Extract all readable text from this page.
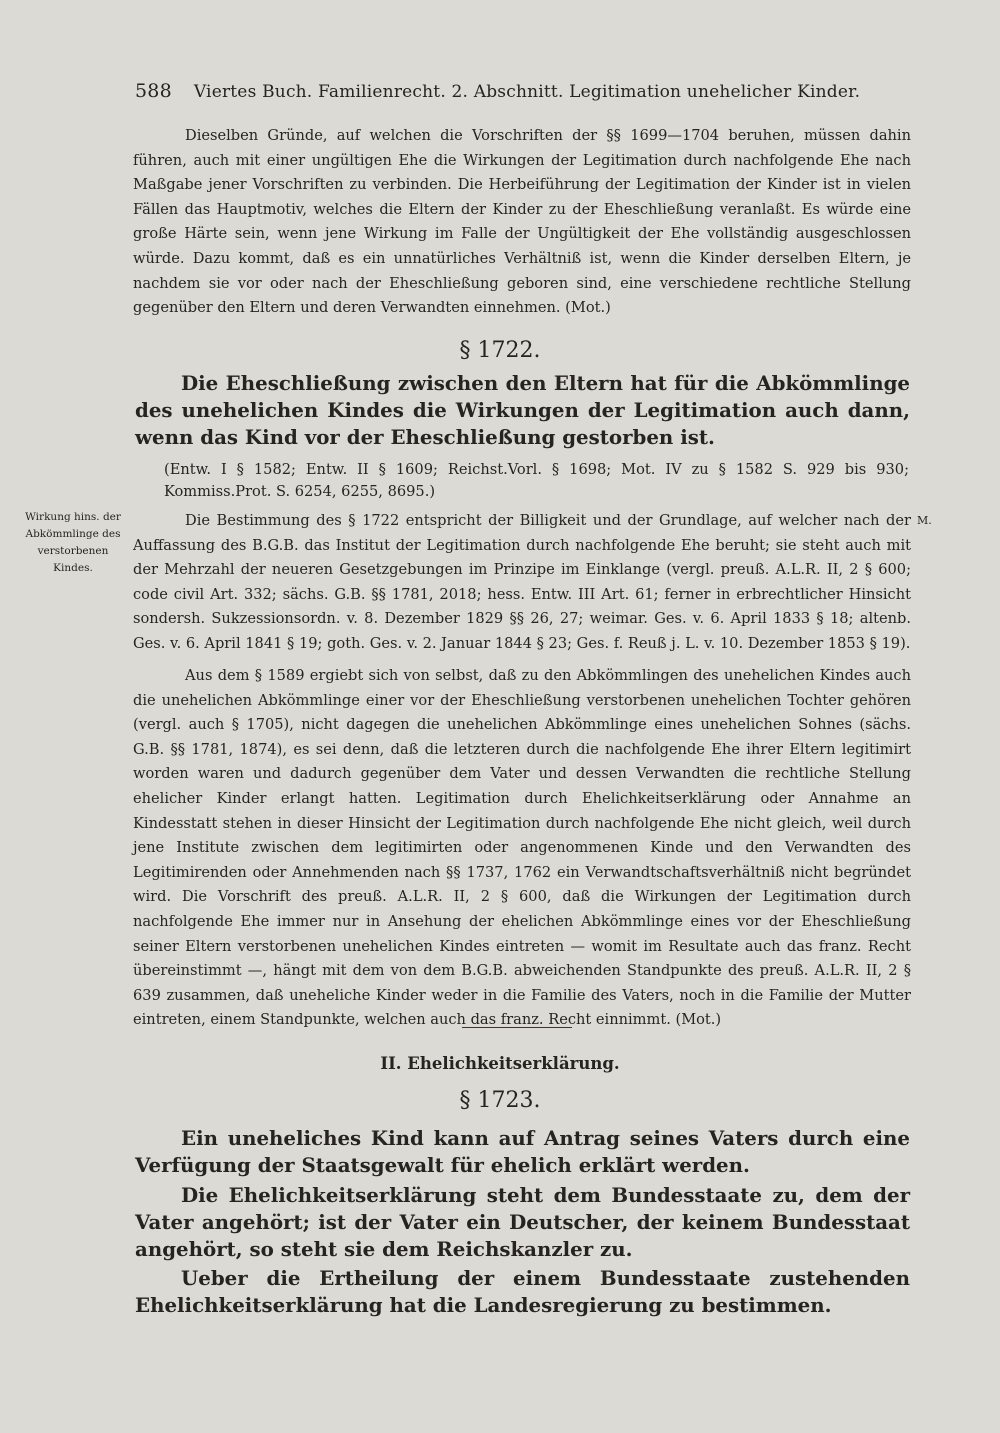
588 Viertes Buch. Familienrecht. 2. Abschnitt. Legitimation unehelicher Kinder.

Dieselben Gründe, auf welchen die Vorschriften der §§ 1699—1704 beruhen, müssen dahin führen, auch mit einer ungültigen Ehe die Wirkungen der Legitimation durch nachfolgende Ehe nach Maßgabe jener Vorschriften zu verbinden. Die Herbeiführung der Legitimation der Kinder ist in vielen Fällen das Hauptmotiv, welches die Eltern der Kinder zu der Eheschließung veranlaßt. Es würde eine große Härte sein, wenn jene Wirkung im Falle der Ungültigkeit der Ehe vollständig ausgeschlossen würde. Dazu kommt, daß es ein unnatürliches Verhältniß ist, wenn die Kinder derselben Eltern, je nachdem sie vor oder nach der Eheschließung geboren sind, eine verschiedene rechtliche Stellung gegenüber den Eltern und deren Verwandten einnehmen. (Mot.)

§ 1722.

Die Eheschließung zwischen den Eltern hat für die Abkömmlinge des unehelichen Kindes die Wirkungen der Legitimation auch dann, wenn das Kind vor der Eheschließung gestorben ist.

(Entw. I § 1582; Entw. II § 1609; Reichst.Vorl. § 1698; Mot. IV zu § 1582 S. 929 bis 930; Kommiss.Prot. S. 6254, 6255, 8695.)

Wirkung hins. der Abkömmlinge des verstorbenen Kindes.

M.

Die Bestimmung des § 1722 entspricht der Billigkeit und der Grundlage, auf welcher nach der Auffassung des B.G.B. das Institut der Legitimation durch nachfolgende Ehe beruht; sie steht auch mit der Mehrzahl der neueren Gesetzgebungen im Prinzipe im Einklange (vergl. preuß. A.L.R. II, 2 § 600; code civil Art. 332; sächs. G.B. §§ 1781, 2018; hess. Entw. III Art. 61; ferner in erbrechtlicher Hinsicht sondersh. Sukzessionsordn. v. 8. Dezember 1829 §§ 26, 27; weimar. Ges. v. 6. April 1833 § 18; altenb. Ges. v. 6. April 1841 § 19; goth. Ges. v. 2. Januar 1844 § 23; Ges. f. Reuß j. L. v. 10. Dezember 1853 § 19).

Aus dem § 1589 ergiebt sich von selbst, daß zu den Abkömmlingen des unehelichen Kindes auch die unehelichen Abkömmlinge einer vor der Eheschließung verstorbenen unehelichen Tochter gehören (vergl. auch § 1705), nicht dagegen die unehelichen Abkömmlinge eines unehelichen Sohnes (sächs. G.B. §§ 1781, 1874), es sei denn, daß die letzteren durch die nachfolgende Ehe ihrer Eltern legitimirt worden waren und dadurch gegenüber dem Vater und dessen Verwandten die rechtliche Stellung ehelicher Kinder erlangt hatten. Legitimation durch Ehelichkeitserklärung oder Annahme an Kindesstatt stehen in dieser Hinsicht der Legitimation durch nachfolgende Ehe nicht gleich, weil durch jene Institute zwischen dem legitimirten oder angenommenen Kinde und den Verwandten des Legitimirenden oder Annehmenden nach §§ 1737, 1762 ein Verwandtschaftsverhältniß nicht begründet wird. Die Vorschrift des preuß. A.L.R. II, 2 § 600, daß die Wirkungen der Legitimation durch nachfolgende Ehe immer nur in Ansehung der ehelichen Abkömmlinge eines vor der Eheschließung seiner Eltern verstorbenen unehelichen Kindes eintreten — womit im Resultate auch das franz. Recht übereinstimmt —, hängt mit dem von dem B.G.B. abweichenden Standpunkte des preuß. A.L.R. II, 2 § 639 zusammen, daß uneheliche Kinder weder in die Familie des Vaters, noch in die Familie der Mutter eintreten, einem Standpunkte, welchen auch das franz. Recht einnimmt. (Mot.)

II. Ehelichkeitserklärung.

§ 1723.

Ein uneheliches Kind kann auf Antrag seines Vaters durch eine Verfügung der Staatsgewalt für ehelich erklärt werden.

Die Ehelichkeitserklärung steht dem Bundesstaate zu, dem der Vater angehört; ist der Vater ein Deutscher, der keinem Bundesstaat angehört, so steht sie dem Reichskanzler zu.

Ueber die Ertheilung der einem Bundesstaate zustehenden Ehelichkeitserklärung hat die Landesregierung zu bestimmen.
